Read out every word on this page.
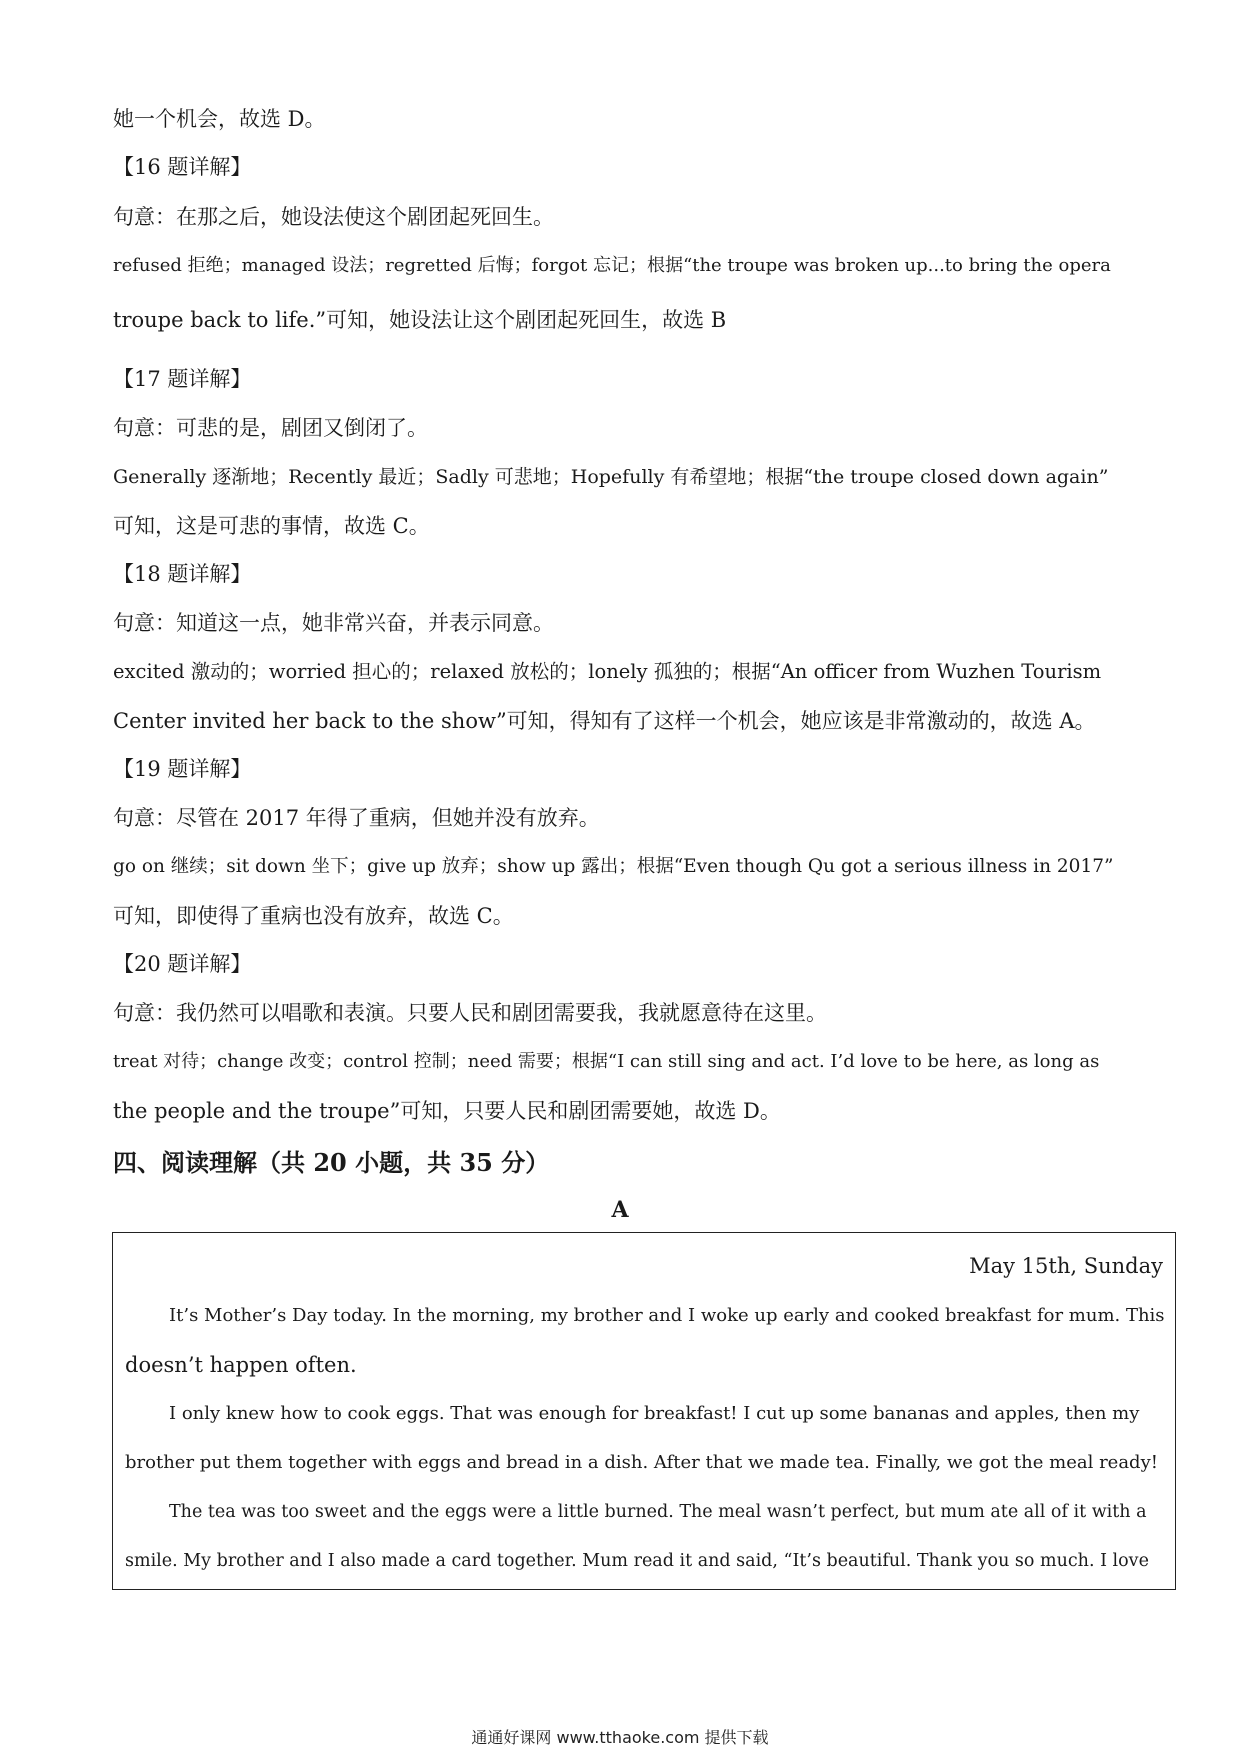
她一个机会，故选 D。
【16 题详解】
句意：在那之后，她设法使这个剧团起死回生。
refused 拒绝；managed 设法；regretted 后悔；forgot 忘记；根据“the troupe was broken up...to bring the opera
troupe back to life.”可知，她设法让这个剧团起死回生，故选 B
【17 题详解】
句意：可悲的是，剧团又倒闭了。
Generally 逐渐地；Recently 最近；Sadly 可悲地；Hopefully 有希望地；根据“the troupe closed down again”
可知，这是可悲的事情，故选 C。
【18 题详解】
句意：知道这一点，她非常兴奋，并表示同意。
excited 激动的；worried 担心的；relaxed 放松的；lonely 孤独的；根据“An officer from Wuzhen Tourism
Center invited her back to the show”可知，得知有了这样一个机会，她应该是非常激动的，故选 A。
【19 题详解】
句意：尽管在 2017 年得了重病，但她并没有放弃。
go on 继续；sit down 坐下；give up 放弃；show up 露出；根据“Even though Qu got a serious illness in 2017”
可知，即使得了重病也没有放弃，故选 C。
【20 题详解】
句意：我仍然可以唱歌和表演。只要人民和剧团需要我，我就愿意待在这里。
treat 对待；change 改变；control 控制；need 需要；根据“I can still sing and act. I’d love to be here, as long as
the people and the troupe”可知，只要人民和剧团需要她，故选 D。
四、阅读理解（共 20 小题，共 35 分）
A
May 15th, Sunday
It’s Mother’s Day today. In the morning, my brother and I woke up early and cooked breakfast for mum. This
doesn’t happen often.
I only knew how to cook eggs. That was enough for breakfast! I cut up some bananas and apples, then my
brother put them together with eggs and bread in a dish. After that we made tea. Finally, we got the meal ready!
The tea was too sweet and the eggs were a little burned. The meal wasn’t perfect, but mum ate all of it with a
smile. My brother and I also made a card together. Mum read it and said, “It’s beautiful. Thank you so much. I love
通通好课网 www.tthaoke.com 提供下载
